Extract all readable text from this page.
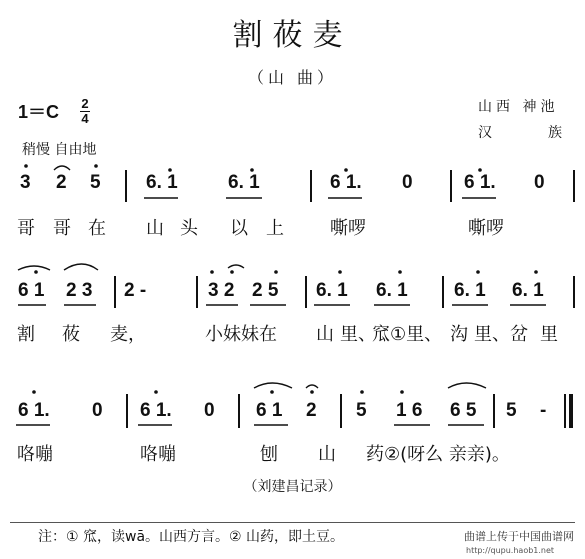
割莜麦
（山 曲）
1＝C 2
4
稍慢 自由地
山西 神池
汉	族
3 2 5 6. 1	6. 1	6 1. 0	6 1. 0
哥 哥 在 山 头 以 上	嘶啰	嘶啰
6 1 2 3 2 -	3 2 2 5 6. 1 6. 1 6. 1 6. 1
割 莜 麦，	小妹妹在 山 里、
窊①里、 沟 里、岔 里
6 1. 0 6 1. 0 6 1 2 5 1 6 6 5 5 -
咯嘣	咯嘣	刨 山 药②(呀么 亲亲)。
（刘建昌记录）
注：① 窊，读wā。山西方言。② 山药，即土豆。	曲谱上传于中国曲谱网
http://qupu.haob1.net
